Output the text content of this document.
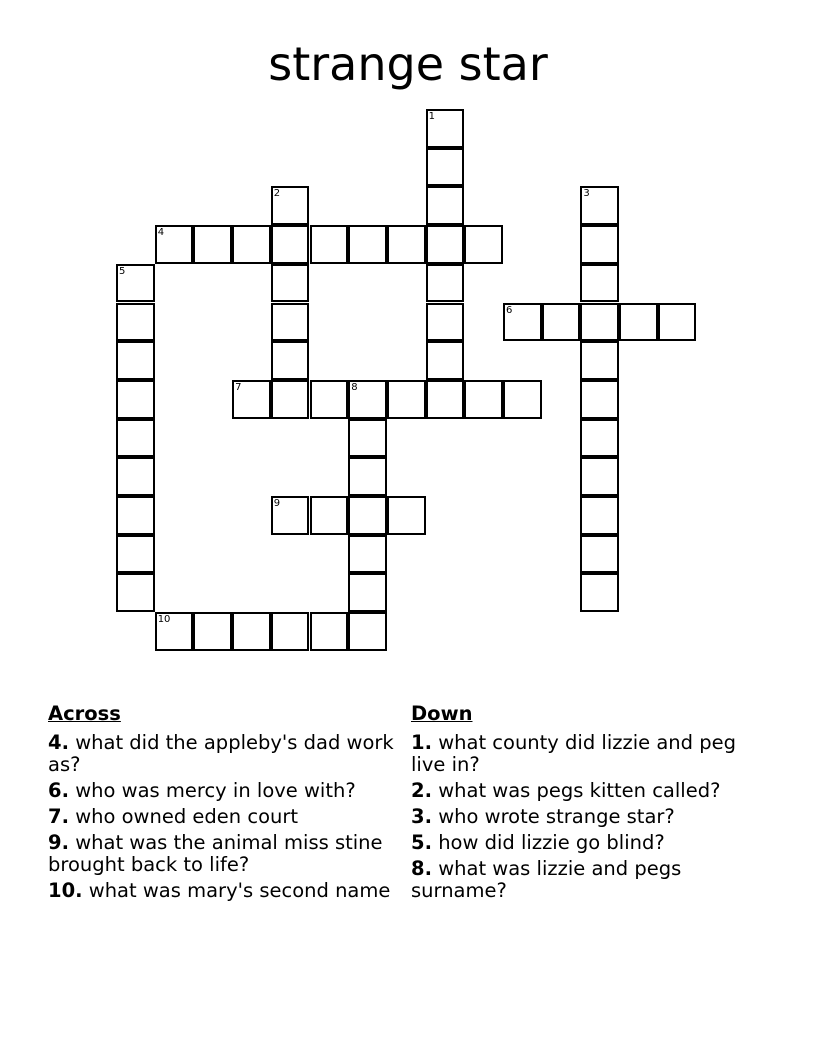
strange star
1
2	3
4
5
6
7	8
9
10
Across
4. what did the appleby's dad work as?
6. who was mercy in love with?
7. who owned eden court
9. what was the animal miss stine brought back to life?
10. what was mary's second name
Down
1. what county did lizzie and peg live in?
2. what was pegs kitten called?
3. who wrote strange star?
5. how did lizzie go blind?
8. what was lizzie and pegs surname?
